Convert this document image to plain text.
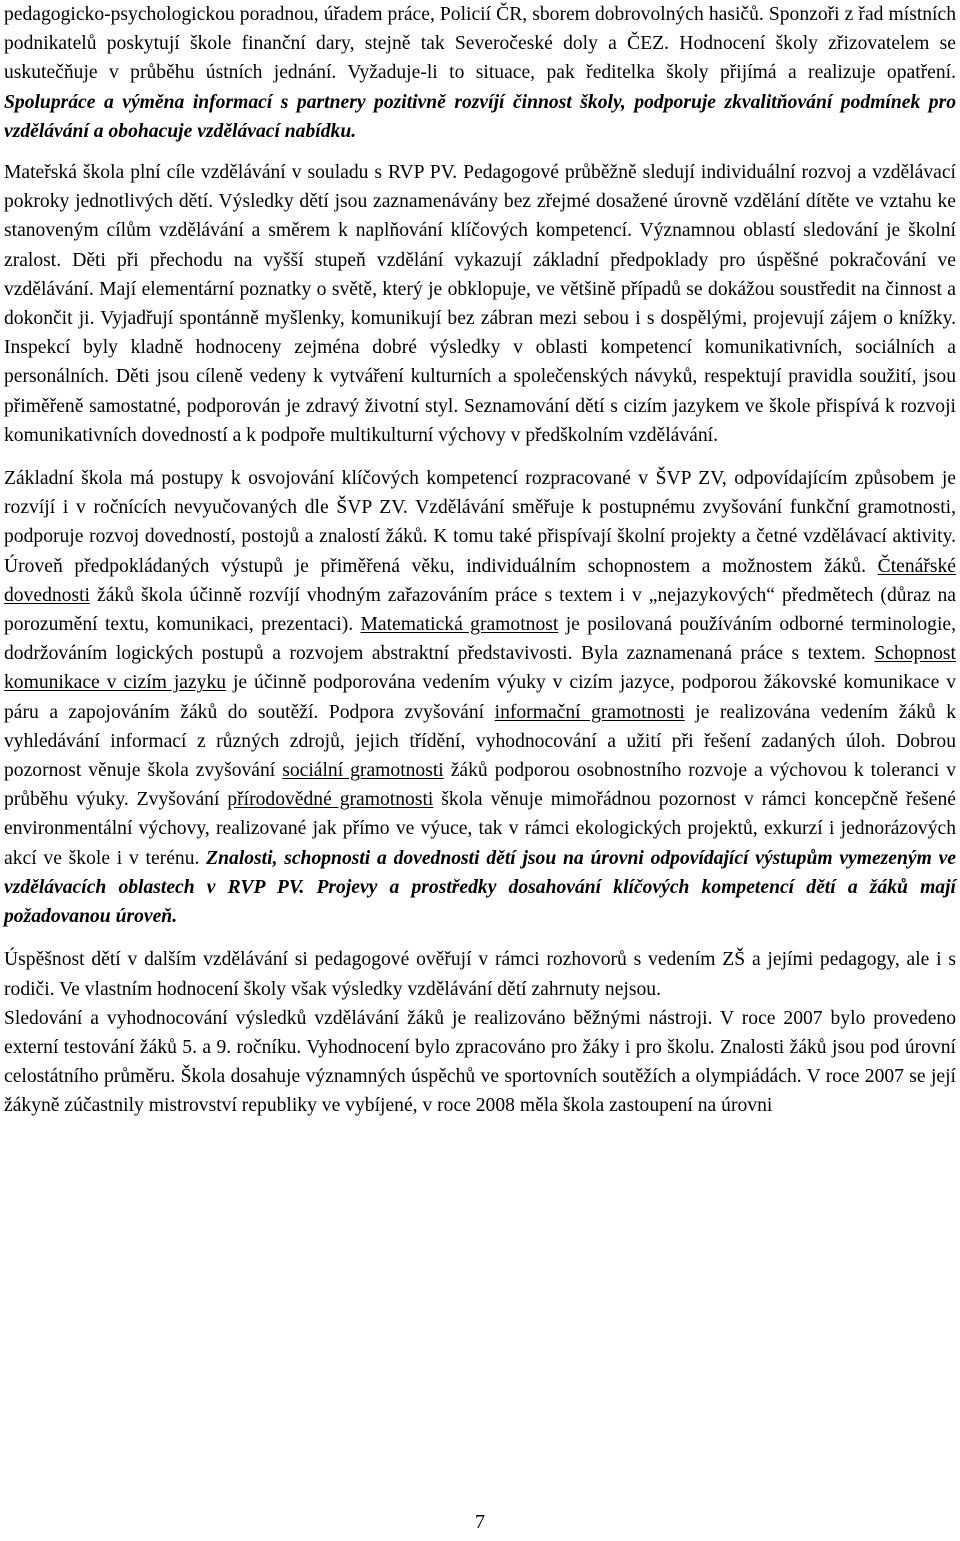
pedagogicko-psychologickou poradnou, úřadem práce, Policií ČR, sborem dobrovolných hasičů. Sponzoři z řad místních podnikatelů poskytují škole finanční dary, stejně tak Severočeské doly a ČEZ. Hodnocení školy zřizovatelem se uskutečňuje v průběhu ústních jednání. Vyžaduje-li to situace, pak ředitelka školy přijímá a realizuje opatření. Spolupráce a výměna informací s partnery pozitivně rozvíjí činnost školy, podporuje zkvalitňování podmínek pro vzdělávání a obohacuje vzdělávací nabídku.

Mateřská škola plní cíle vzdělávání v souladu s RVP PV. Pedagogové průběžně sledují individuální rozvoj a vzdělávací pokroky jednotlivých dětí. Výsledky dětí jsou zaznamenávány bez zřejmé dosažené úrovně vzdělání dítěte ve vztahu ke stanoveným cílům vzdělávání a směrem k naplňování klíčových kompetencí. Významnou oblastí sledování je školní zralost. Děti při přechodu na vyšší stupeň vzdělání vykazují základní předpoklady pro úspěšné pokračování ve vzdělávání. Mají elementární poznatky o světě, který je obklopuje, ve většině případů se dokážou soustředit na činnost a dokončit ji. Vyjadřují spontánně myšlenky, komunikují bez zábran mezi sebou i s dospělými, projevují zájem o knížky. Inspekcí byly kladně hodnoceny zejména dobré výsledky v oblasti kompetencí komunikativních, sociálních a personálních. Děti jsou cíleně vedeny k vytváření kulturních a společenských návyků, respektují pravidla soužití, jsou přiměřeně samostatné, podporován je zdravý životní styl. Seznamování dětí s cizím jazykem ve škole přispívá k rozvoji komunikativních dovedností a k podpoře multikulturní výchovy v předškolním vzdělávání.

Základní škola má postupy k osvojování klíčových kompetencí rozpracované v ŠVP ZV, odpovídajícím způsobem je rozvíjí i v ročnících nevyučovaných dle ŠVP ZV. Vzdělávání směřuje k postupnému zvyšování funkční gramotnosti, podporuje rozvoj dovedností, postojů a znalostí žáků. K tomu také přispívají školní projekty a četné vzdělávací aktivity. Úroveň předpokládaných výstupů je přiměřená věku, individuálním schopnostem a možnostem žáků. Čtenářské dovednosti žáků škola účinně rozvíjí vhodným zařazováním práce s textem i v „nejazykových“ předmětech (důraz na porozumění textu, komunikaci, prezentaci). Matematická gramotnost je posilovaná používáním odborné terminologie, dodržováním logických postupů a rozvojem abstraktní představivosti. Byla zaznamenaná práce s textem. Schopnost komunikace v cizím jazyku je účinně podporována vedením výuky v cizím jazyce, podporou žákovské komunikace v páru a zapojováním žáků do soutěží. Podpora zvyšování informační gramotnosti je realizována vedením žáků k vyhledávání informací z různých zdrojů, jejich třídění, vyhodnocování a užití při řešení zadaných úloh. Dobrou pozornost věnuje škola zvyšování sociální gramotnosti žáků podporou osobnostního rozvoje a výchovou k toleranci v průběhu výuky. Zvyšování přírodovědné gramotnosti škola věnuje mimořádnou pozornost v rámci koncepčně řešené environmentální výchovy, realizované jak přímo ve výuce, tak v rámci ekologických projektů, exkurzí i jednorázových akcí ve škole i v terénu. Znalosti, schopnosti a dovednosti dětí jsou na úrovni odpovídající výstupům vymezeným ve vzdělávacích oblastech v RVP PV. Projevy a prostředky dosahování klíčových kompetencí dětí a žáků mají požadovanou úroveň.

Úspěšnost dětí v dalším vzdělávání si pedagogové ověřují v rámci rozhovorů s vedením ZŠ a jejími pedagogy, ale i s rodiči. Ve vlastním hodnocení školy však výsledky vzdělávání dětí zahrnuty nejsou.

Sledování a vyhodnocování výsledků vzdělávání žáků je realizováno běžnými nástroji. V roce 2007 bylo provedeno externí testování žáků 5. a 9. ročníku. Vyhodnocení bylo zpracováno pro žáky i pro školu. Znalosti žáků jsou pod úrovní celostátního průměru. Škola dosahuje významných úspěchů ve sportovních soutěžích a olympiádách. V roce 2007 se její žákyně zúčastnily mistrovství republiky ve vybíjené, v roce 2008 měla škola zastoupení na úrovni

7
